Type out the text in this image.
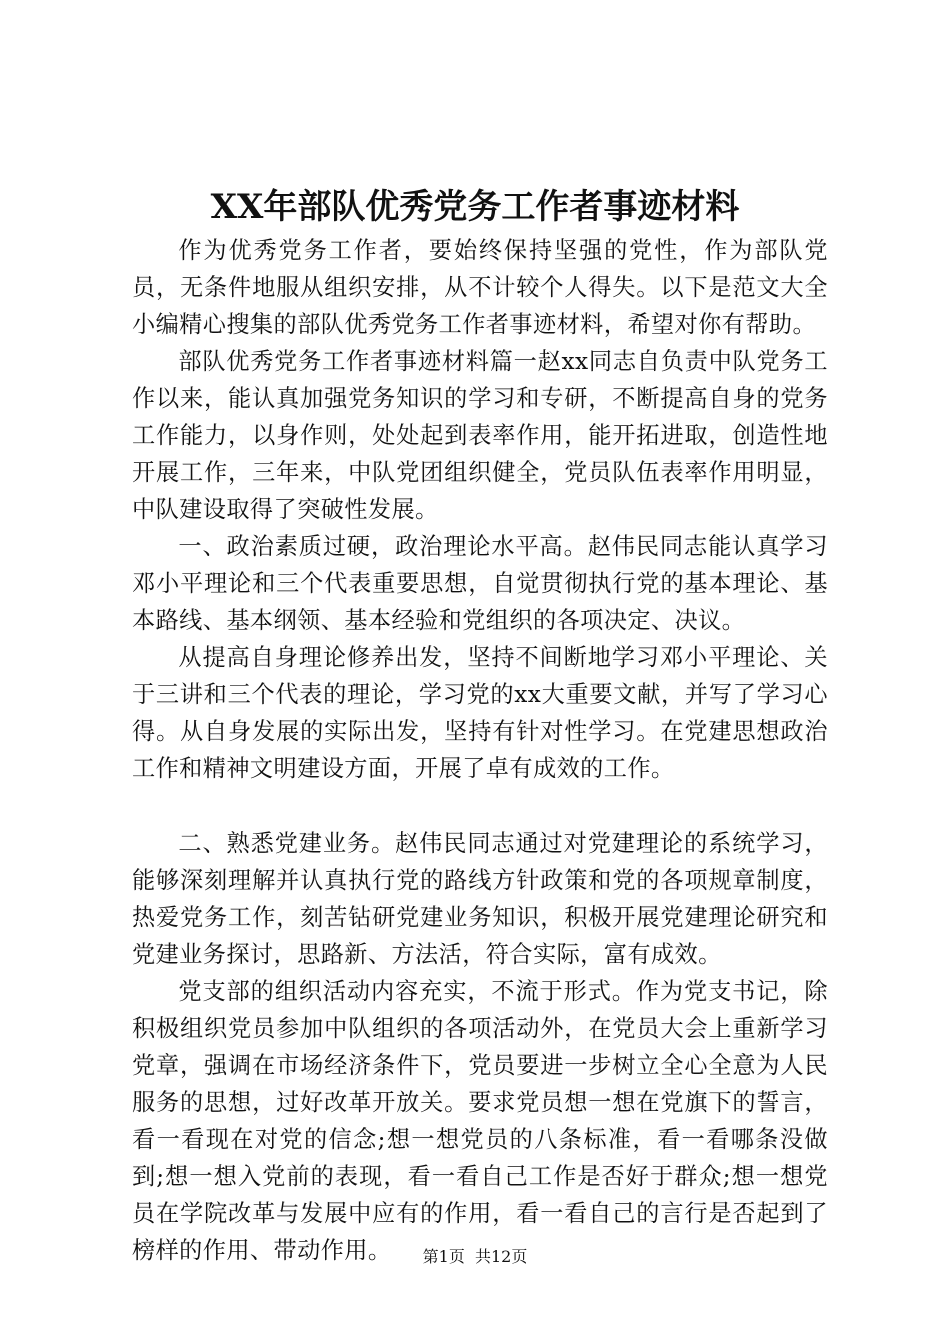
XX年部队优秀党务工作者事迹材料

作为优秀党务工作者，要始终保持坚强的党性，作为部队党员，无条件地服从组织安排，从不计较个人得失。以下是范文大全小编精心搜集的部队优秀党务工作者事迹材料，希望对你有帮助。

部队优秀党务工作者事迹材料篇一赵xx同志自负责中队党务工作以来，能认真加强党务知识的学习和专研，不断提高自身的党务工作能力，以身作则，处处起到表率作用，能开拓进取，创造性地开展工作，三年来，中队党团组织健全，党员队伍表率作用明显，中队建设取得了突破性发展。

一、政治素质过硬，政治理论水平高。赵伟民同志能认真学习邓小平理论和三个代表重要思想，自觉贯彻执行党的基本理论、基本路线、基本纲领、基本经验和党组织的各项决定、决议。

从提高自身理论修养出发，坚持不间断地学习邓小平理论、关于三讲和三个代表的理论，学习党的xx大重要文献，并写了学习心得。从自身发展的实际出发，坚持有针对性学习。在党建思想政治工作和精神文明建设方面，开展了卓有成效的工作。

二、熟悉党建业务。赵伟民同志通过对党建理论的系统学习，能够深刻理解并认真执行党的路线方针政策和党的各项规章制度，热爱党务工作，刻苦钻研党建业务知识，积极开展党建理论研究和党建业务探讨，思路新、方法活，符合实际，富有成效。

党支部的组织活动内容充实，不流于形式。作为党支书记，除积极组织党员参加中队组织的各项活动外，在党员大会上重新学习党章，强调在市场经济条件下，党员要进一步树立全心全意为人民服务的思想，过好改革开放关。要求党员想一想在党旗下的誓言，看一看现在对党的信念;想一想党员的八条标准，看一看哪条没做到;想一想入党前的表现，看一看自己工作是否好于群众;想一想党员在学院改革与发展中应有的作用，看一看自己的言行是否起到了榜样的作用、带动作用。	第1页  共12页
